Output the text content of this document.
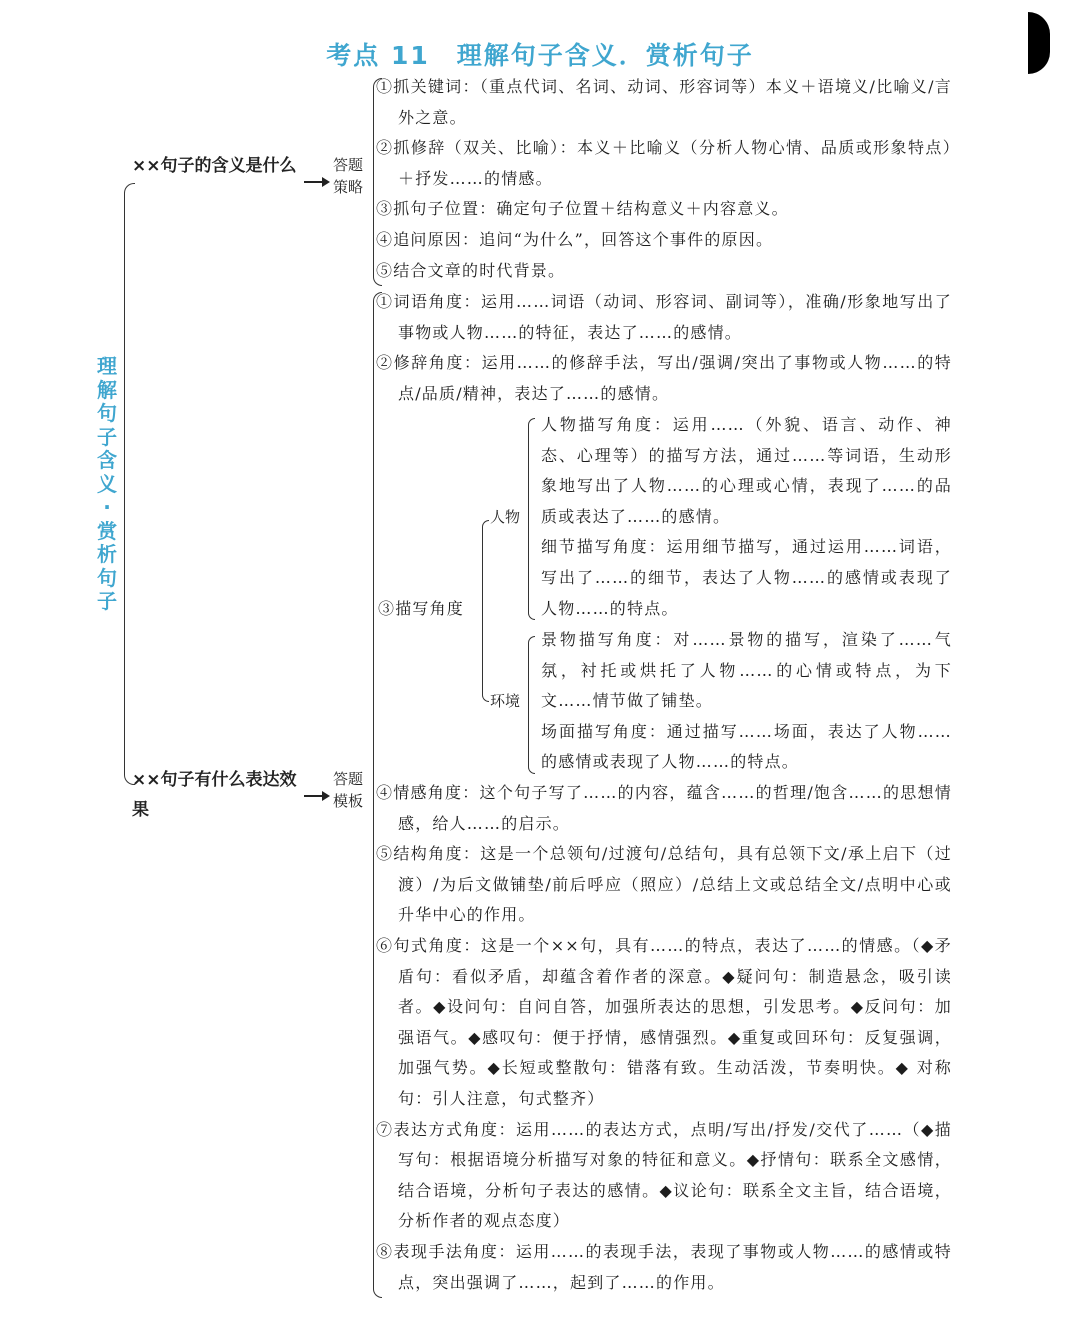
考点 11　理解句子含义．赏析句子
理
解
句
子
含
义
·
赏
析
句
子
××句子的含义是什么	答题
策略

①抓关键词：（重点代词、名词、动词、形容词等）本义＋语境义/比喻义/言外之意。

②抓修辞（双关、比喻）：本义＋比喻义（分析人物心情、品质或形象特点）＋抒发……的情感。

③抓句子位置：确定句子位置＋结构意义＋内容意义。

④追问原因：追问“为什么”，回答这个事件的原因。

⑤结合文章的时代背景。

××句子有什么表达效果
答题
模板

①词语角度：运用……词语（动词、形容词、副词等），准确/形象地写出了事物或人物……的特征，表达了……的感情。

②修辞角度：运用……的修辞手法，写出/强调/突出了事物或人物……的特点/品质/精神，表达了……的感情。

③描写角度
人物
环境

人物描写角度：运用……（外貌、语言、动作、神态、心理等）的描写方法，通过……等词语，生动形象地写出了人物……的心理或心情，表现了……的品质或表达了……的感情。

细节描写角度：运用细节描写，通过运用……词语，写出了……的细节，表达了人物……的感情或表现了人物……的特点。

景物描写角度：对……景物的描写，渲染了……气氛，衬托或烘托了人物……的心情或特点，为下文……情节做了铺垫。

场面描写角度：通过描写……场面，表达了人物……的感情或表现了人物……的特点。

④情感角度：这个句子写了……的内容，蕴含……的哲理/饱含……的思想情感，给人……的启示。

⑤结构角度：这是一个总领句/过渡句/总结句，具有总领下文/承上启下（过渡）/为后文做铺垫/前后呼应（照应）/总结上文或总结全文/点明中心或升华中心的作用。

⑥句式角度：这是一个××句，具有……的特点，表达了……的情感。（◆矛盾句：看似矛盾，却蕴含着作者的深意。◆疑问句：制造悬念，吸引读者。◆设问句：自问自答，加强所表达的思想，引发思考。◆反问句：加强语气。◆感叹句：便于抒情，感情强烈。◆重复或回环句：反复强调，加强气势。◆长短或整散句：错落有致。生动活泼，节奏明快。◆ 对称句：引人注意，句式整齐）

⑦表达方式角度：运用……的表达方式，点明/写出/抒发/交代了……（◆描写句：根据语境分析描写对象的特征和意义。◆抒情句：联系全文感情，结合语境，分析句子表达的感情。◆议论句：联系全文主旨，结合语境，分析作者的观点态度）

⑧表现手法角度：运用……的表现手法，表现了事物或人物……的感情或特点，突出强调了……，起到了……的作用。
